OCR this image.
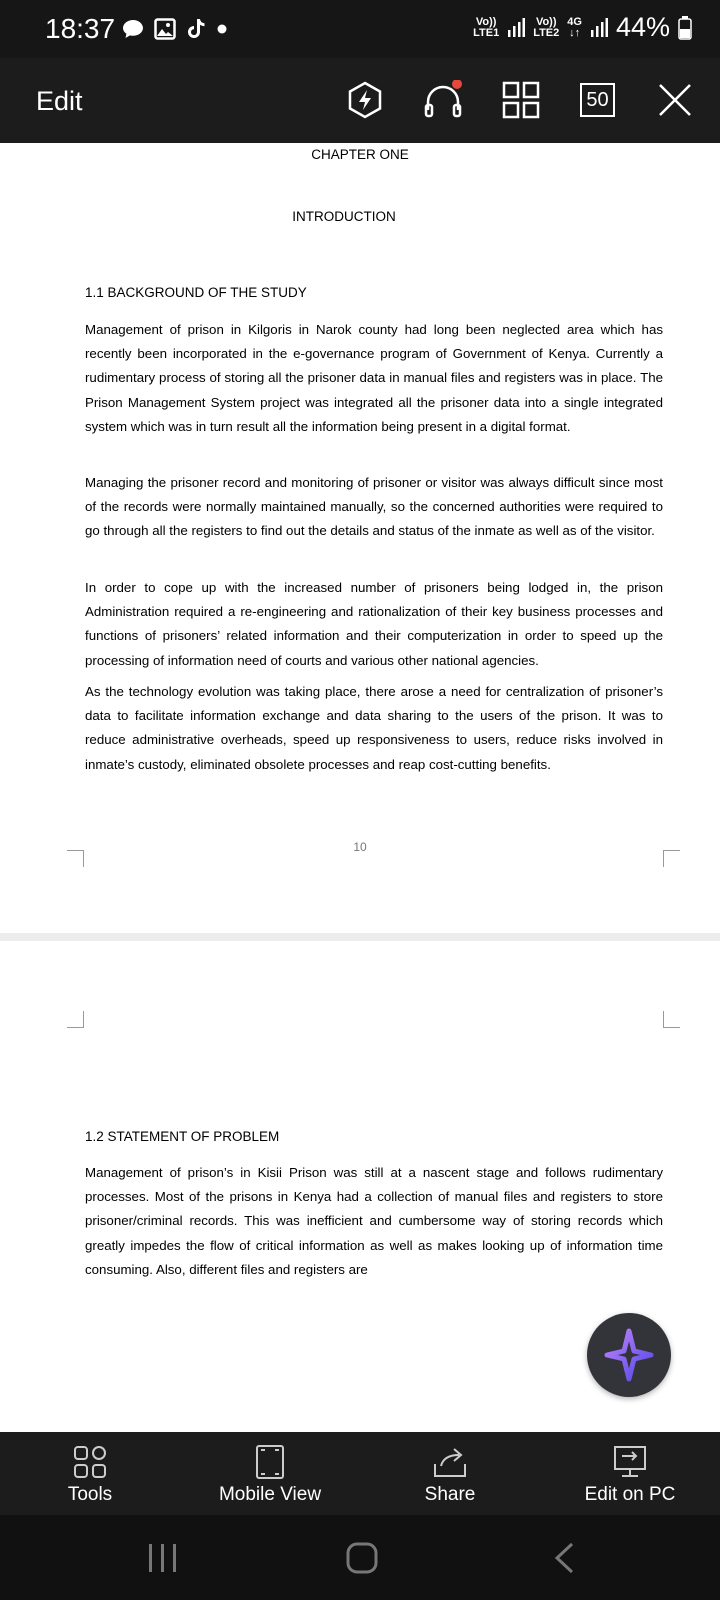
18:37	Vo))
LTE1
Vo))
LTE2
4G
↓↑ 44%
Edit	50
CHAPTER ONE
INTRODUCTION
1.1 BACKGROUND OF THE STUDY
Management of prison in Kilgoris in Narok county had long been neglected area which has recently been incorporated in the e-governance program of Government of Kenya. Currently a rudimentary process of storing all the prisoner data in manual files and registers was in place. The Prison Management System project was integrated all the prisoner data into a single integrated system which was in turn result all the information being present in a digital format.
Managing the prisoner record and monitoring of prisoner or visitor was always difficult since most of the records were normally maintained manually, so the concerned authorities were required to go through all the registers to find out the details and status of the inmate as well as of the visitor.
In order to cope up with the increased number of prisoners being lodged in, the prison Administration required a re-engineering and rationalization of their key business processes and functions of prisoners’ related information and their computerization in order to speed up the processing of information need of courts and various other national agencies.
As the technology evolution was taking place, there arose a need for centralization of prisoner’s data to facilitate information exchange and data sharing to the users of the prison. It was to reduce administrative overheads, speed up responsiveness to users, reduce risks involved in inmate’s custody, eliminated obsolete processes and reap cost-cutting benefits.
10
1.2 STATEMENT OF PROBLEM
Management of prison’s in Kisii Prison was still at a nascent stage and follows rudimentary processes. Most of the prisons in Kenya had a collection of manual files and registers to store prisoner/criminal records. This was inefficient and cumbersome way of storing records which greatly impedes the flow of critical information as well as makes looking up of information time consuming. Also, different files and registers are
Tools	Mobile View	Share	Edit on PC
